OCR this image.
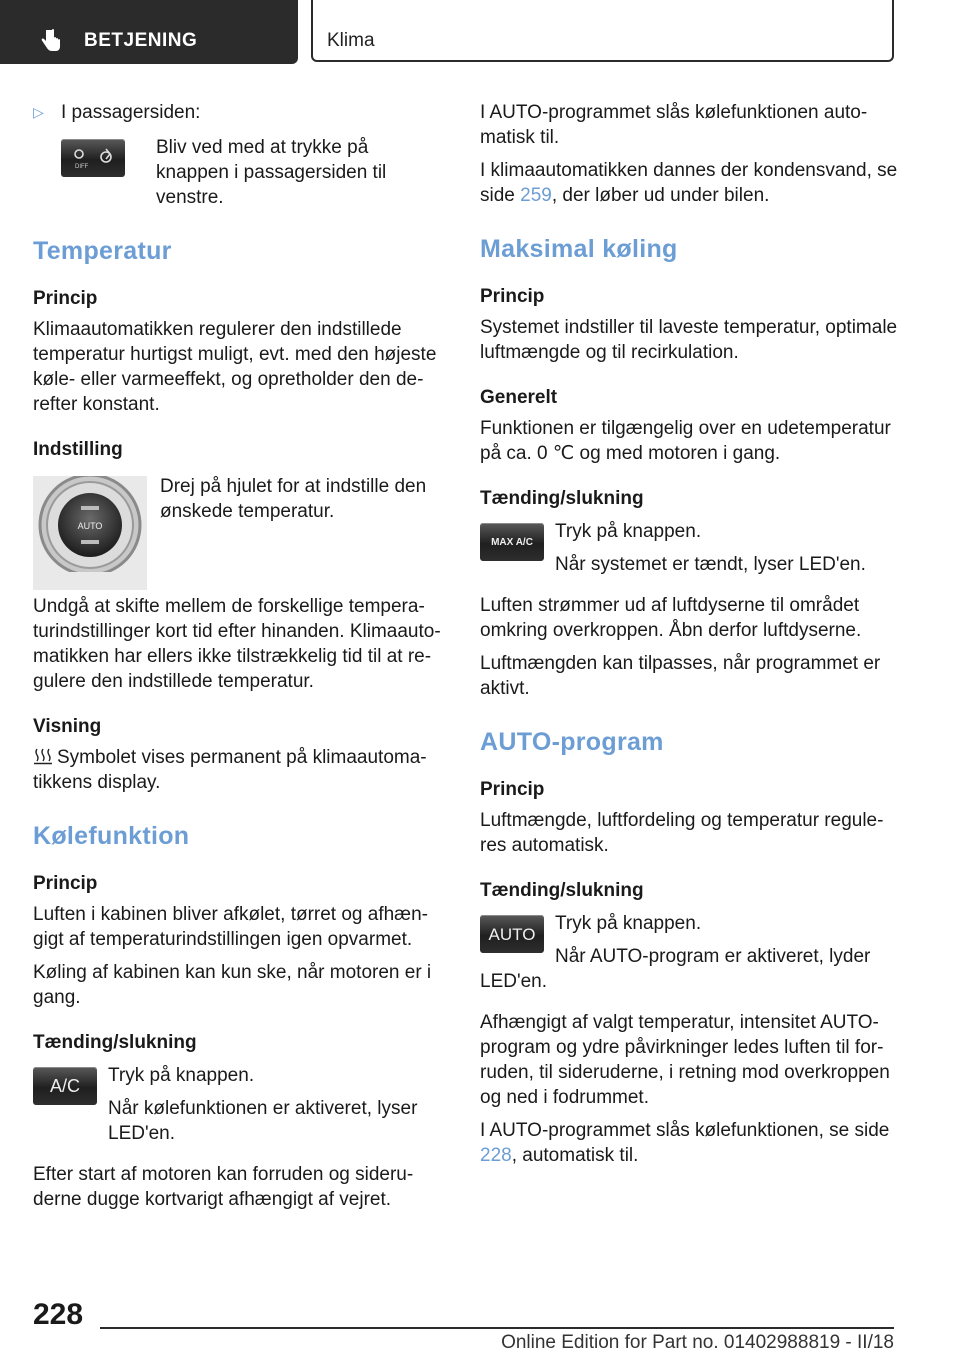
BETJENING	Klima
▷ I passagersiden:
DIFF

Bliv ved med at trykke på knappen i passagersiden til venstre.

Temperatur

Princip

Klimaautomatikken regulerer den indstillede temperatur hurtigst muligt, evt. med den højeste køle- eller varmeeffekt, og opretholder den derefter konstant.

Indstilling

AUTO

Drej på hjulet for at indstille den ønskede temperatur.

Undgå at skifte mellem de forskellige temperaturindstillinger kort tid efter hinanden. Klimaautomatikken har ellers ikke tilstrækkelig tid til at regulere den indstillede temperatur.

Visning

Symbolet vises permanent på klimaautomatikkens display.

Kølefunktion

Princip

Luften i kabinen bliver afkølet, tørret og afhængigt af temperaturindstillingen igen opvarmet.

Køling af kabinen kan kun ske, når motoren er i gang.

Tænding/slukning

A/C	Tryk på knappen.

Når kølefunktionen er aktiveret, lyser LED'en.

Efter start af motoren kan forruden og sideruderne dugge kortvarigt afhængigt af vejret.

I AUTO-programmet slås kølefunktionen automatisk til.

I klimaautomatikken dannes der kondensvand, se side 259, der løber ud under bilen.

Maksimal køling

Princip

Systemet indstiller til laveste temperatur, optimale luftmængde og til recirkulation.

Generelt

Funktionen er tilgængelig over en udetemperatur på ca. 0 ℃ og med motoren i gang.

Tænding/slukning

MAX A/C	Tryk på knappen.

Når systemet er tændt, lyser LED'en.

Luften strømmer ud af luftdyserne til området omkring overkroppen. Åbn derfor luftdyserne.

Luftmængden kan tilpasses, når programmet er aktivt.

AUTO-program

Princip

Luftmængde, luftfordeling og temperatur reguleres automatisk.

Tænding/slukning

AUTO	Tryk på knappen.

Når AUTO-program er aktiveret, lyder LED'en.

Afhængigt af valgt temperatur, intensitet AUTO-program og ydre påvirkninger ledes luften til forruden, til sideruderne, i retning mod overkroppen og ned i fodrummet.

I AUTO-programmet slås kølefunktionen, se side 228, automatisk til.

228
Online Edition for Part no. 01402988819 - II/18
